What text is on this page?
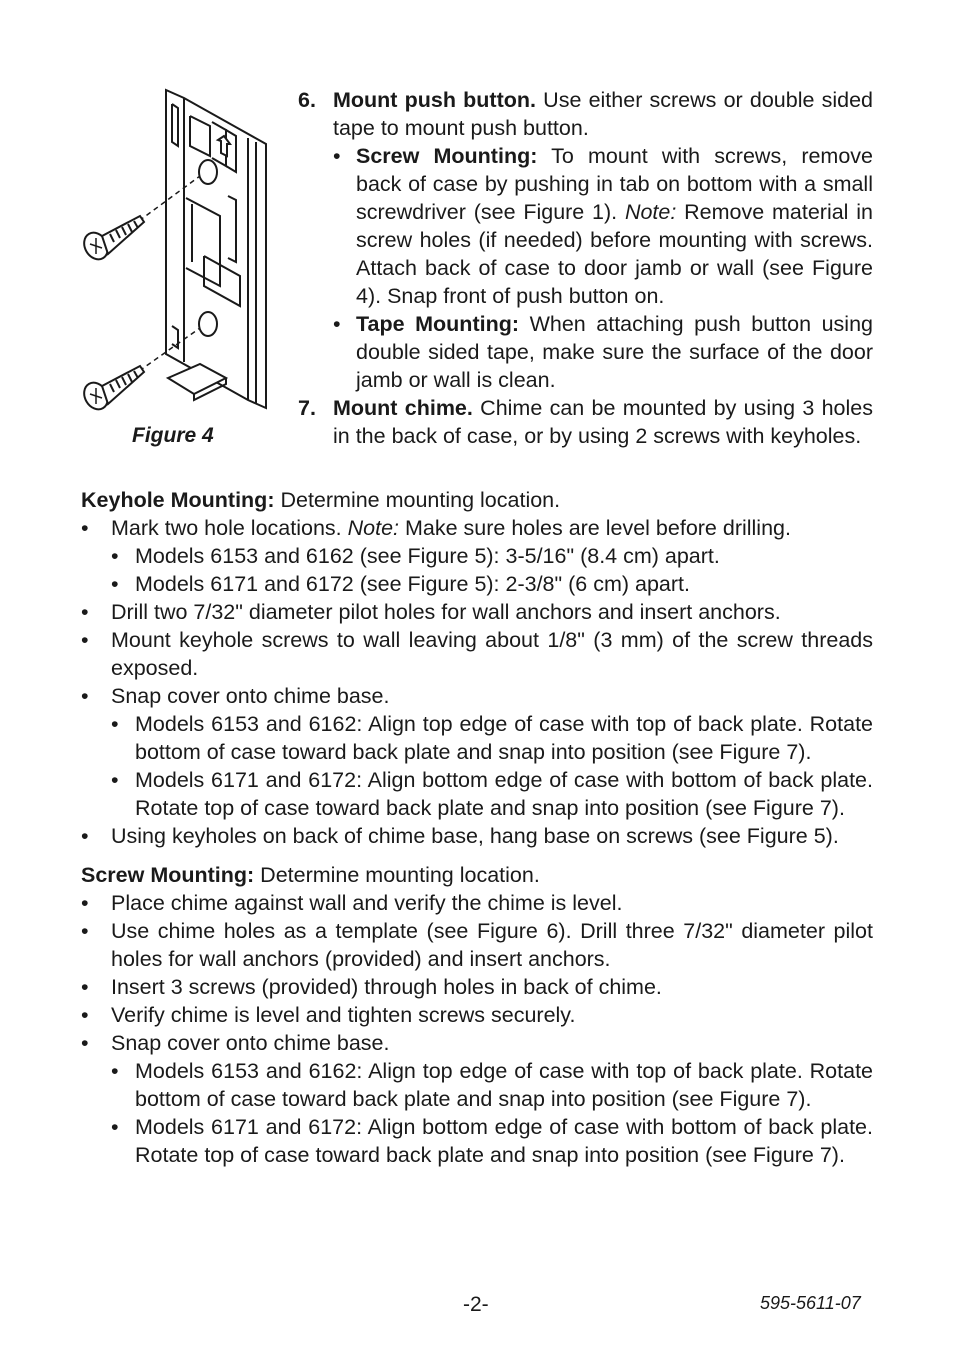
Figure 4
6. Mount push button. Use either screws or double sided tape to mount push button.
• Screw Mounting: To mount with screws, remove back of case by pushing in tab on bottom with a small screwdriver (see Figure 1). Note: Remove material in screw holes (if needed) before mounting with screws. Attach back of case to door jamb or wall (see Figure 4). Snap front of push button on.
• Tape Mounting: When attaching push button using double sided tape, make sure the surface of the door jamb or wall is clean.
7. Mount chime. Chime can be mounted by using 3 holes in the back of case, or by using 2 screws with keyholes.

Keyhole Mounting: Determine mounting location.

•	Mark two hole locations. Note: Make sure holes are level before drilling.
• Models 6153 and 6162 (see Figure 5): 3-5/16" (8.4 cm) apart.
• Models 6171 and 6172 (see Figure 5): 2-3/8" (6 cm) apart.
•	Drill two 7/32" diameter pilot holes for wall anchors and insert anchors.
•	Mount keyhole screws to wall leaving about 1/8" (3 mm) of the screw threads exposed.
•	Snap cover onto chime base.
• Models 6153 and 6162: Align top edge of case with top of back plate. Rotate bottom of case toward back plate and snap into position (see Figure 7).
• Models 6171 and 6172: Align bottom edge of case with bottom of back plate. Rotate top of case toward back plate and snap into position (see Figure 7).
•	Using keyholes on back of chime base, hang base on screws (see Figure 5).

Screw Mounting: Determine mounting location.

•	Place chime against wall and verify the chime is level.
•	Use chime holes as a template (see Figure 6). Drill three 7/32" diameter pilot holes for wall anchors (provided) and insert anchors.
•	Insert 3 screws (provided) through holes in back of chime.
•	Verify chime is level and tighten screws securely.
•	Snap cover onto chime base.
• Models 6153 and 6162: Align top edge of case with top of back plate. Rotate bottom of case toward back plate and snap into position (see Figure 7).
• Models 6171 and 6172: Align bottom edge of case with bottom of back plate. Rotate top of case toward back plate and snap into position (see Figure 7).
-2-	595-5611-07
